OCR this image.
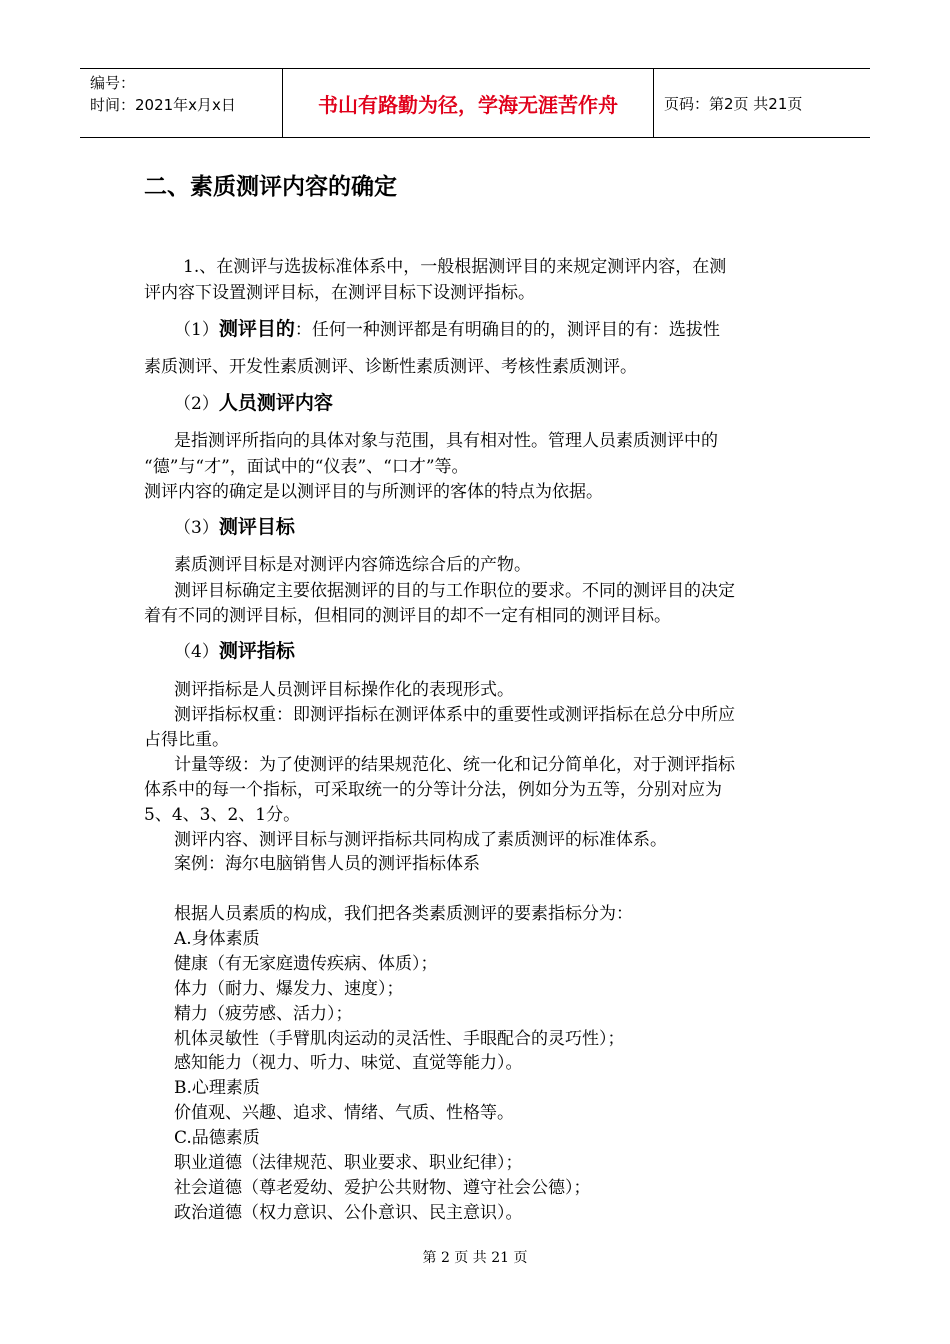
编号：
时间：2021年x月x日	书山有路勤为径，学海无涯苦作舟	页码：第2页 共21页
二、素质测评内容的确定
1.、在测评与选拔标准体系中，一般根据测评目的来规定测评内容，在测
评内容下设置测评目标，在测评目标下设测评指标。
（1）测评目的：任何一种测评都是有明确目的的，测评目的有：选拔性
素质测评、开发性素质测评、诊断性素质测评、考核性素质测评。
（2）人员测评内容
是指测评所指向的具体对象与范围，具有相对性。管理人员素质测评中的
“德”与“才”，面试中的“仪表”、“口才”等。
测评内容的确定是以测评目的与所测评的客体的特点为依据。
（3）测评目标
素质测评目标是对测评内容筛选综合后的产物。
测评目标确定主要依据测评的目的与工作职位的要求。不同的测评目的决定
着有不同的测评目标，但相同的测评目的却不一定有相同的测评目标。
（4）测评指标
测评指标是人员测评目标操作化的表现形式。
测评指标权重：即测评指标在测评体系中的重要性或测评指标在总分中所应
占得比重。
计量等级：为了使测评的结果规范化、统一化和记分简单化，对于测评指标
体系中的每一个指标，可采取统一的分等计分法，例如分为五等，分别对应为
5、4、3、2、1分。
测评内容、测评目标与测评指标共同构成了素质测评的标准体系。
案例：海尔电脑销售人员的测评指标体系
根据人员素质的构成，我们把各类素质测评的要素指标分为：
A.身体素质
健康（有无家庭遗传疾病、体质）；
体力（耐力、爆发力、速度）；
精力（疲劳感、活力）；
机体灵敏性（手臂肌肉运动的灵活性、手眼配合的灵巧性）；
感知能力（视力、听力、味觉、直觉等能力）。
B.心理素质
价值观、兴趣、追求、情绪、气质、性格等。
C.品德素质
职业道德（法律规范、职业要求、职业纪律）；
社会道德（尊老爱幼、爱护公共财物、遵守社会公德）；
政治道德（权力意识、公仆意识、民主意识）。
第 2 页 共 21 页
